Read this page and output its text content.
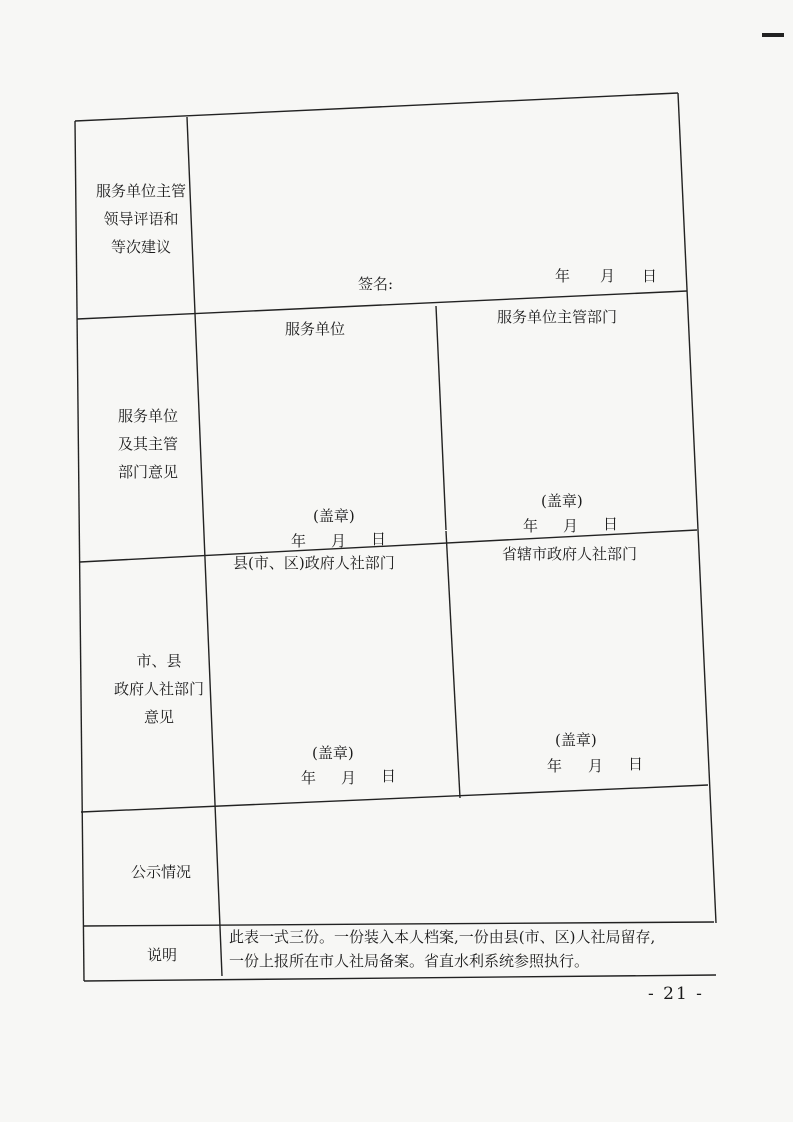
服务单位主管
领导评语和
等次建议
签名:	年 月 日
服务单位
及其主管
部门意见
服务单位
(盖章)
年 月 日
服务单位主管部门
(盖章)
年 月 日
市、县
政府人社部门
意见
县(市、区)政府人社部门
(盖章)
年 月 日
省辖市政府人社部门
(盖章)
年 月 日
公示情况
说明
此表一式三份。一份装入本人档案,一份由县(市、区)人社局留存,
一份上报所在市人社局备案。省直水利系统参照执行。
- 21 -
